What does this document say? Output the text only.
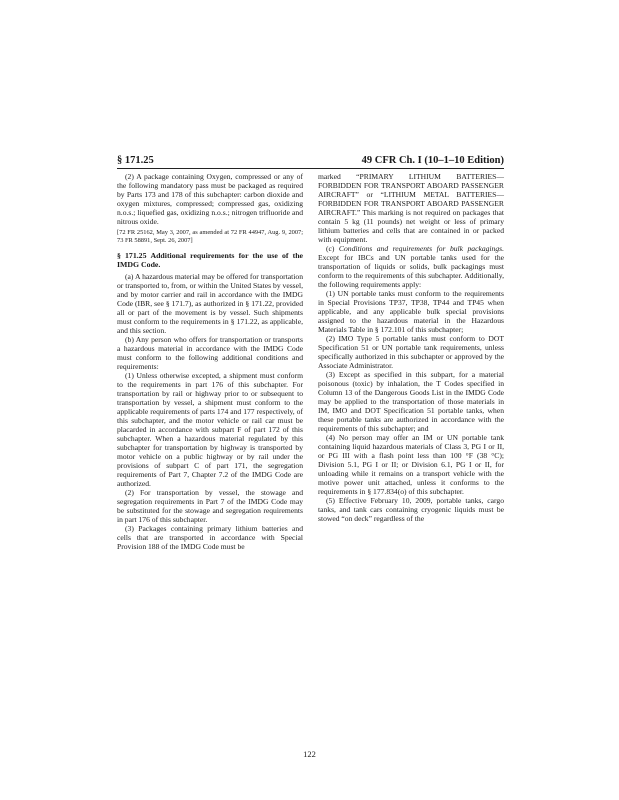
§ 171.25	49 CFR Ch. I (10–1–10 Edition)

(2) A package containing Oxygen, compressed or any of the following mandatory pass must be packaged as required by Parts 173 and 178 of this subchapter: carbon dioxide and oxygen mixtures, compressed; compressed gas, oxidizing n.o.s.; liquefied gas, oxidizing n.o.s.; nitrogen trifluoride and nitrous oxide.

[72 FR 25162, May 3, 2007, as amended at 72 FR 44947, Aug. 9, 2007; 73 FR 58891, Sept. 26, 2007]

§ 171.25 Additional requirements for the use of the IMDG Code.

(a) A hazardous material may be offered for transportation or transported to, from, or within the United States by vessel, and by motor carrier and rail in accordance with the IMDG Code (IBR, see § 171.7), as authorized in § 171.22, provided all or part of the movement is by vessel. Such shipments must conform to the requirements in § 171.22, as applicable, and this section.

(b) Any person who offers for transportation or transports a hazardous material in accordance with the IMDG Code must conform to the following additional conditions and requirements:

(1) Unless otherwise excepted, a shipment must conform to the requirements in part 176 of this subchapter. For transportation by rail or highway prior to or subsequent to transportation by vessel, a shipment must conform to the applicable requirements of parts 174 and 177 respectively, of this subchapter, and the motor vehicle or rail car must be placarded in accordance with subpart F of part 172 of this subchapter. When a hazardous material regulated by this subchapter for transportation by highway is transported by motor vehicle on a public highway or by rail under the provisions of subpart C of part 171, the segregation requirements of Part 7, Chapter 7.2 of the IMDG Code are authorized.

(2) For transportation by vessel, the stowage and segregation requirements in Part 7 of the IMDG Code may be substituted for the stowage and segregation requirements in part 176 of this subchapter.

(3) Packages containing primary lithium batteries and cells that are transported in accordance with Special Provision 188 of the IMDG Code must be

marked “PRIMARY LITHIUM BATTERIES—FORBIDDEN FOR TRANSPORT ABOARD PASSENGER AIRCRAFT” or “LITHIUM METAL BATTERIES—FORBIDDEN FOR TRANSPORT ABOARD PASSENGER AIRCRAFT.” This marking is not required on packages that contain 5 kg (11 pounds) net weight or less of primary lithium batteries and cells that are contained in or packed with equipment.

(c) Conditions and requirements for bulk packagings. Except for IBCs and UN portable tanks used for the transportation of liquids or solids, bulk packagings must conform to the requirements of this subchapter. Additionally, the following requirements apply:

(1) UN portable tanks must conform to the requirements in Special Provisions TP37, TP38, TP44 and TP45 when applicable, and any applicable bulk special provisions assigned to the hazardous material in the Hazardous Materials Table in § 172.101 of this subchapter;

(2) IMO Type 5 portable tanks must conform to DOT Specification 51 or UN portable tank requirements, unless specifically authorized in this subchapter or approved by the Associate Administrator.

(3) Except as specified in this subpart, for a material poisonous (toxic) by inhalation, the T Codes specified in Column 13 of the Dangerous Goods List in the IMDG Code may be applied to the transportation of those materials in IM, IMO and DOT Specification 51 portable tanks, when these portable tanks are authorized in accordance with the requirements of this subchapter; and

(4) No person may offer an IM or UN portable tank containing liquid hazardous materials of Class 3, PG I or II, or PG III with a flash point less than 100 °F (38 °C); Division 5.1, PG I or II; or Division 6.1, PG I or II, for unloading while it remains on a transport vehicle with the motive power unit attached, unless it conforms to the requirements in § 177.834(o) of this subchapter.

(5) Effective February 10, 2009, portable tanks, cargo tanks, and tank cars containing cryogenic liquids must be stowed “on deck” regardless of the

122
